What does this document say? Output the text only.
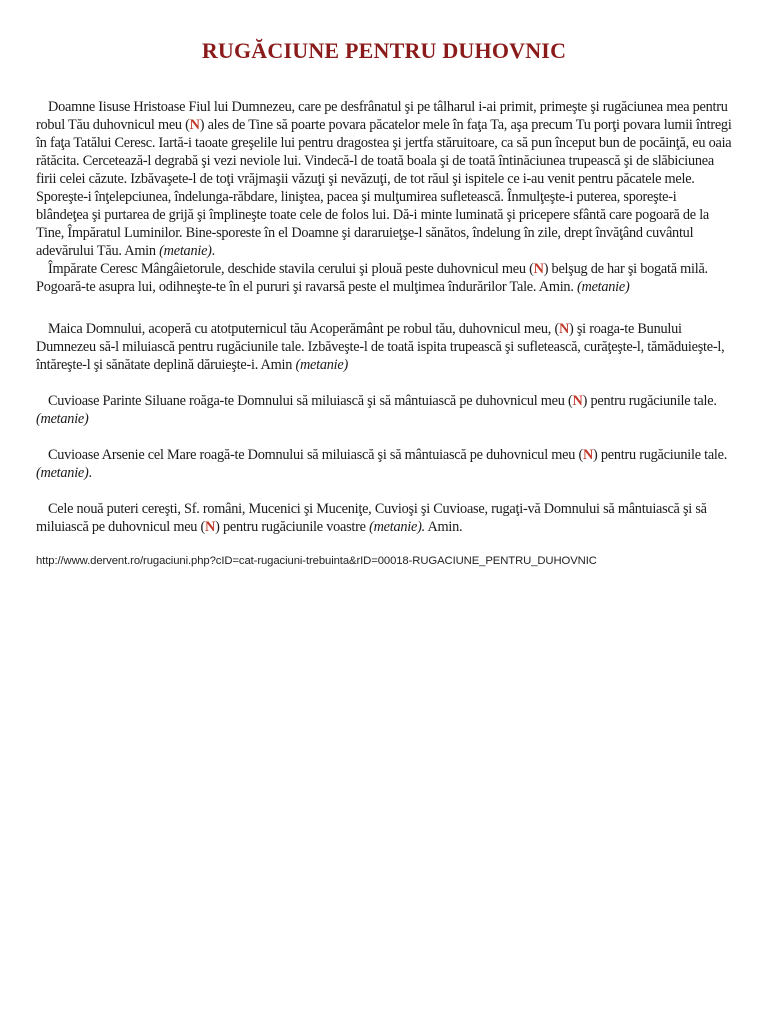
RUGĂCIUNE PENTRU DUHOVNIC

Doamne Iisuse Hristoase Fiul lui Dumnezeu, care pe desfrânatul şi pe tâlharul i-ai primit, primeşte şi rugăciunea mea pentru robul Tău duhovnicul meu (N) ales de Tine să poarte povara păcatelor mele în faţa Ta, aşa precum Tu porţi povara lumii întregi în faţa Tatălui Ceresc. Iartă-i taoate greşelile lui pentru dragostea şi jertfa stăruitoare, ca să pun început bun de pocăinţă, eu oaia rătăcita. Cercetează-l degrabă şi vezi neviole lui. Vindecă-l de toată boala şi de toată întinăciunea trupească şi de slăbiciunea firii celei căzute. Izbăvaşete-l de toţi vrăjmaşii văzuţi şi nevăzuţi, de tot răul şi ispitele ce i-au venit pentru păcatele mele. Sporeşte-i înţelepciunea, îndelunga-răbdare, liniştea, pacea şi mulţumirea sufletească. Înmulţeşte-i puterea, sporeşte-i blândeţea şi purtarea de grijă şi împlineşte toate cele de folos lui. Dă-i minte luminată şi pricepere sfântă care pogoară de la Tine, Împăratul Luminilor. Bine-sporeste în el Doamne şi dararuieţşe-l sănătos, îndelung în zile, drept învăţând cuvântul adevărului Tău. Amin (metanie).

Împărate Ceresc Mângâietorule, deschide stavila cerului şi plouă peste duhovnicul meu (N) belşug de har şi bogată milă. Pogoară-te asupra lui, odihneşte-te în el pururi şi ravarsă peste el mulţimea îndurărilor Tale. Amin. (metanie)

Maica Domnului, acoperă cu atotputernicul tău Acoperământ pe robul tău, duhovnicul meu, (N) şi roaga-te Bunului Dumnezeu să-l miluiască pentru rugăciunile tale. Izbăveşte-l de toată ispita trupească şi sufletească, curăţeşte-l, tămăduieşte-l, întăreşte-l şi sănătate deplină dăruieşte-i. Amin (metanie)

Cuvioase Parinte Siluane roăga-te Domnului să miluiască şi să mântuiască pe duhovnicul meu (N) pentru rugăciunile tale. (metanie)

Cuvioase Arsenie cel Mare roagă-te Domnului să miluiască şi să mântuiască pe duhovnicul meu (N) pentru rugăciunile tale. (metanie).

Cele nouă puteri cereşti, Sf. români, Mucenici şi Muceniţe, Cuvioşi şi Cuvioase, rugaţi-vă Domnului să mântuiască şi să miluiască pe duhovnicul meu (N) pentru rugăciunile voastre (metanie). Amin.

http://www.dervent.ro/rugaciuni.php?cID=cat-rugaciuni-trebuinta&rID=00018-RUGACIUNE_PENTRU_DUHOVNIC
